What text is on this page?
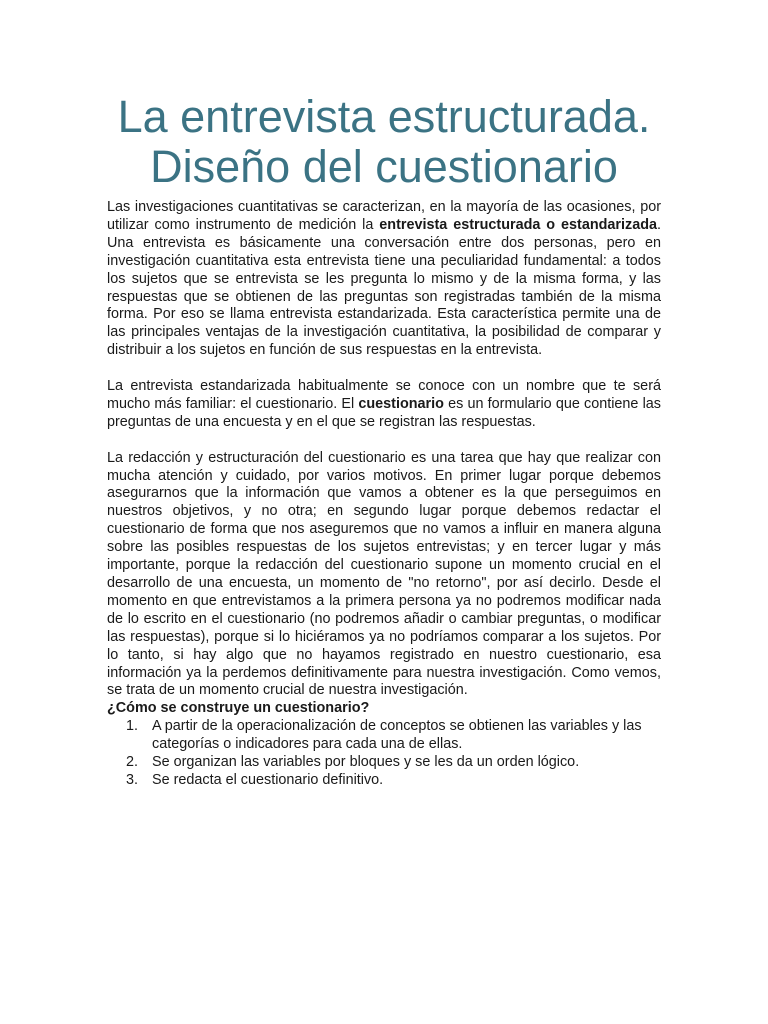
La entrevista estructurada.
Diseño del cuestionario

Las investigaciones cuantitativas se caracterizan, en la mayoría de las ocasiones, por utilizar como instrumento de medición la entrevista estructurada o estandarizada. Una entrevista es básicamente una conversación entre dos personas, pero en investigación cuantitativa esta entrevista tiene una peculiaridad fundamental: a todos los sujetos que se entrevista se les pregunta lo mismo y de la misma forma, y las respuestas que se obtienen de las preguntas son registradas también de la misma forma. Por eso se llama entrevista estandarizada. Esta característica permite una de las principales ventajas de la investigación cuantitativa, la posibilidad de comparar y distribuir a los sujetos en función de sus respuestas en la entrevista.

La entrevista estandarizada habitualmente se conoce con un nombre que te será mucho más familiar: el cuestionario. El cuestionario es un formulario que contiene las preguntas de una encuesta y en el que se registran las respuestas.

La redacción y estructuración del cuestionario es una tarea que hay que realizar con mucha atención y cuidado, por varios motivos. En primer lugar porque debemos asegurarnos que la información que vamos a obtener es la que perseguimos en nuestros objetivos, y no otra; en segundo lugar porque debemos redactar el cuestionario de forma que nos aseguremos que no vamos a influir en manera alguna sobre las posibles respuestas de los sujetos entrevistas; y en tercer lugar y más importante, porque la redacción del cuestionario supone un momento crucial en el desarrollo de una encuesta, un momento de "no retorno", por así decirlo. Desde el momento en que entrevistamos a la primera persona ya no podremos modificar nada de lo escrito en el cuestionario (no podremos añadir o cambiar preguntas, o modificar las respuestas), porque si lo hiciéramos ya no podríamos comparar a los sujetos. Por lo tanto, si hay algo que no hayamos registrado en nuestro cuestionario, esa información ya la perdemos definitivamente para nuestra investigación. Como vemos, se trata de un momento crucial de nuestra investigación.

¿Cómo se construye un cuestionario?

1. A partir de la operacionalización de conceptos se obtienen las variables y las categorías o indicadores para cada una de ellas.
2. Se organizan las variables por bloques y se les da un orden lógico.
3. Se redacta el cuestionario definitivo.
